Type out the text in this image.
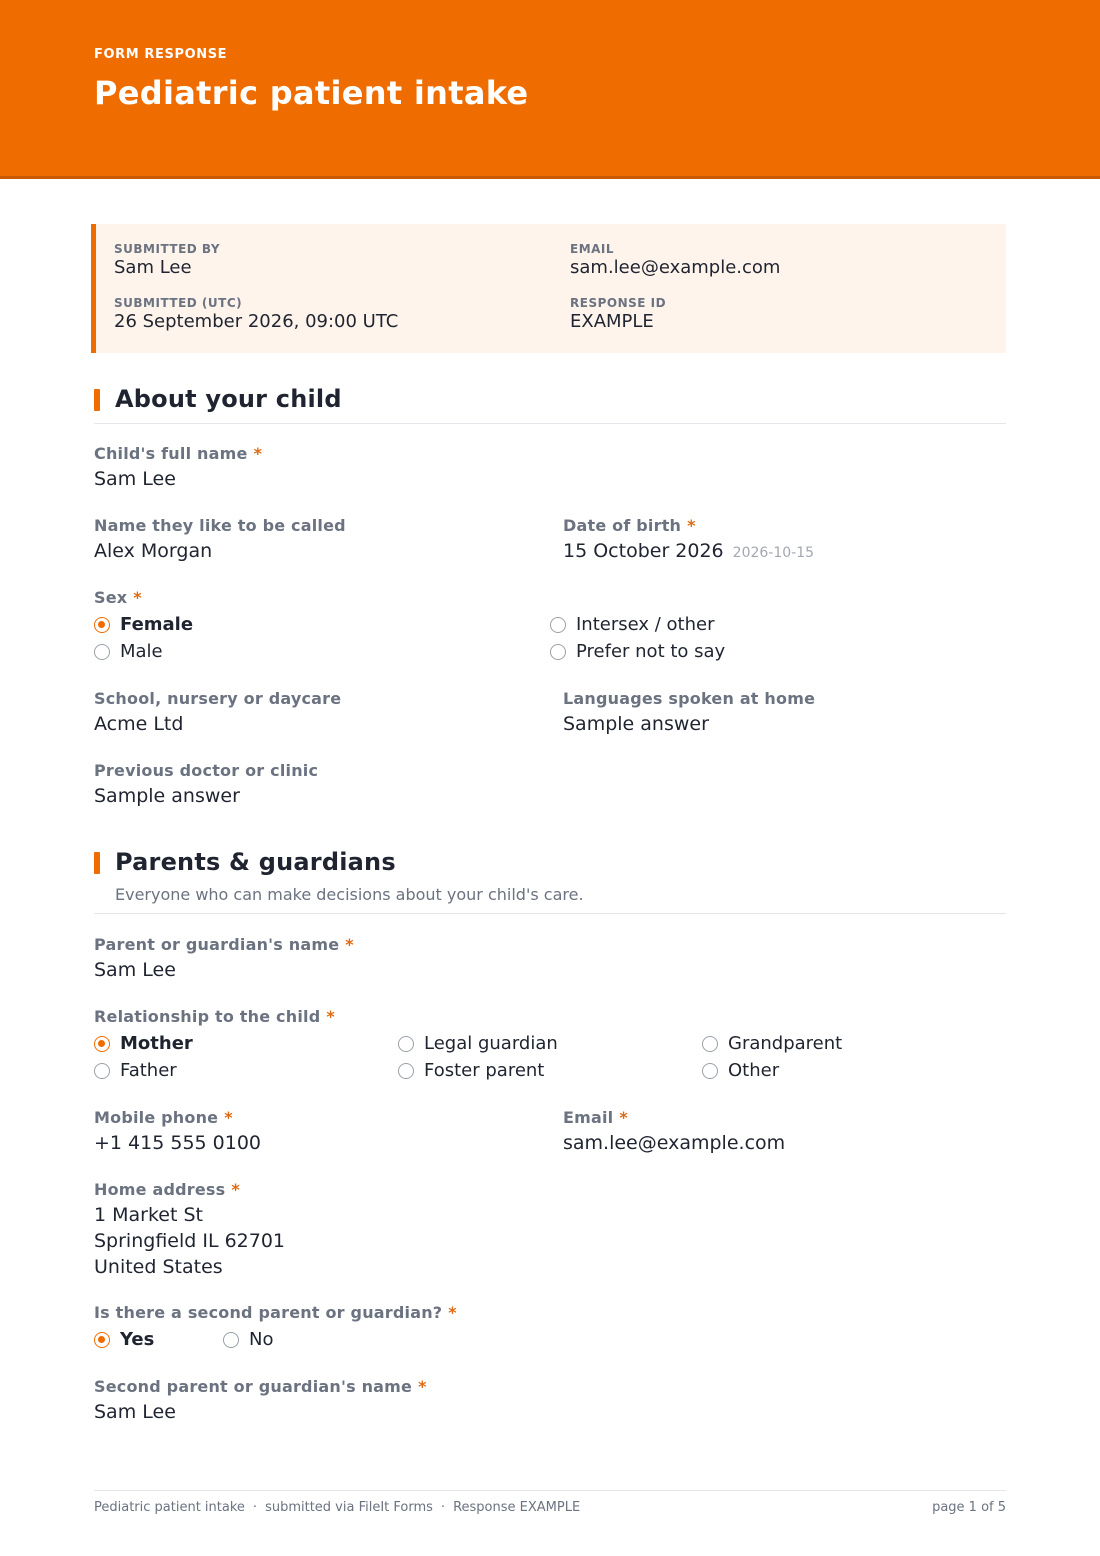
FORM RESPONSE
Pediatric patient intake
SUBMITTED BY
Sam Lee
EMAIL
sam.lee@example.com
SUBMITTED (UTC)
26 September 2026, 09:00 UTC
RESPONSE ID
EXAMPLE
About your child
Child's full name *
Sam Lee
Name they like to be called
Alex Morgan
Date of birth *
15 October 2026 2026-10-15
Sex *
Female
Male
Intersex / other
Prefer not to say
School, nursery or daycare
Acme Ltd
Languages spoken at home
Sample answer
Previous doctor or clinic
Sample answer
Parents & guardians
Everyone who can make decisions about your child's care.
Parent or guardian's name *
Sam Lee
Relationship to the child *
Mother
Father
Legal guardian
Foster parent
Grandparent
Other
Mobile phone *
+1 415 555 0100
Email *
sam.lee@example.com
Home address *
1 Market St
Springfield IL 62701
United States
Is there a second parent or guardian? *
Yes	No
Second parent or guardian's name *
Sam Lee
Pediatric patient intake · submitted via FileIt Forms · Response EXAMPLE	page 1 of 5
